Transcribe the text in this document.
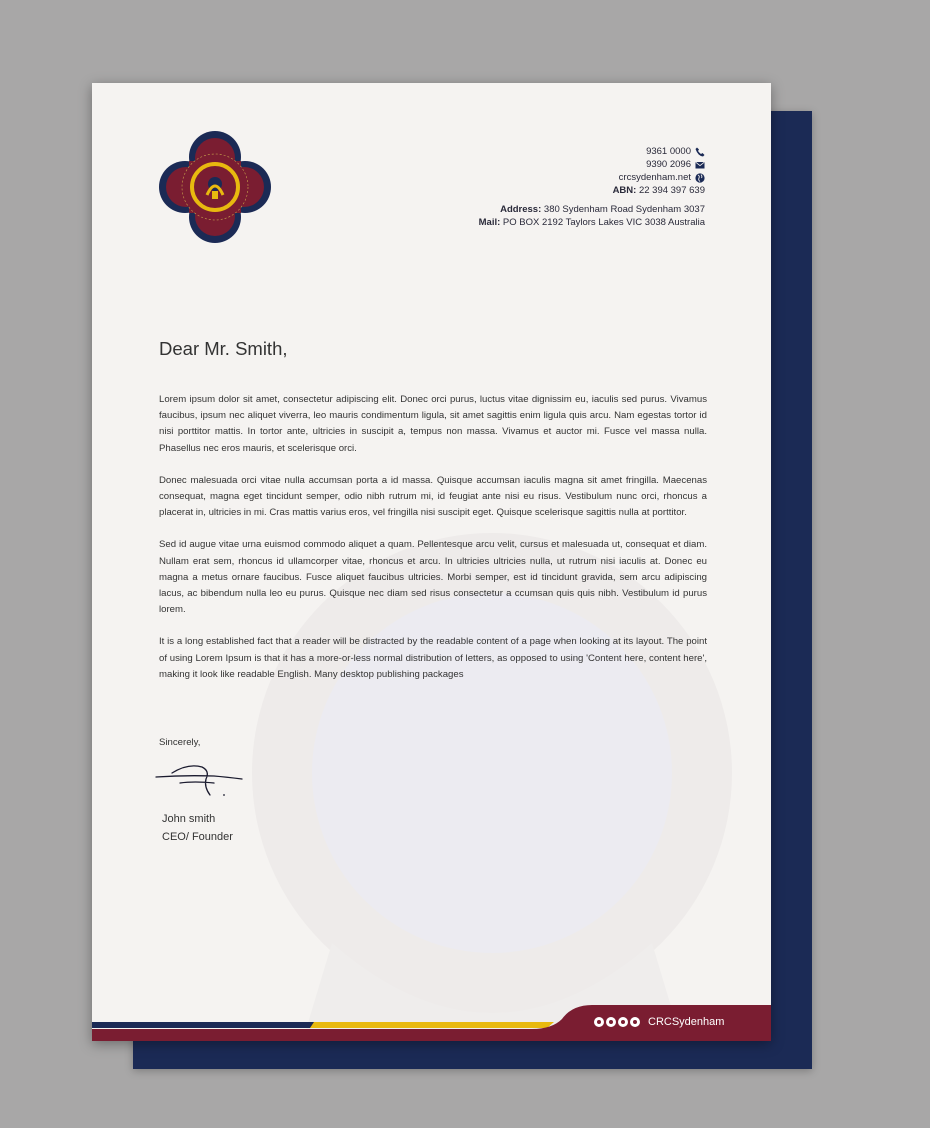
9361 0000
9390 2096
crcsydenham.net
ABN: 22 394 397 639
Address: 380 Sydenham Road Sydenham 3037
Mail: PO BOX 2192 Taylors Lakes VIC 3038 Australia
Dear Mr. Smith,

Lorem ipsum dolor sit amet, consectetur adipiscing elit. Donec orci purus, luctus vitae dignissim eu, iaculis sed purus. Vivamus faucibus, ipsum nec aliquet viverra, leo mauris condimentum ligula, sit amet sagittis enim ligula quis arcu. Nam egestas tortor id nisi porttitor mattis. In tortor ante, ultricies in suscipit a, tempus non massa. Vivamus et auctor mi. Fusce vel massa nulla. Phasellus nec eros mauris, et scelerisque orci.

Donec malesuada orci vitae nulla accumsan porta a id massa. Quisque accumsan iaculis magna sit amet fringilla. Maecenas consequat, magna eget tincidunt semper, odio nibh rutrum mi, id feugiat ante nisi eu risus. Vestibulum nunc orci, rhoncus a placerat in, ultricies in mi. Cras mattis varius eros, vel fringilla nisi suscipit eget. Quisque scelerisque sagittis nulla at porttitor.

Sed id augue vitae urna euismod commodo aliquet a quam. Pellentesque arcu velit, cursus et malesuada ut, consequat et diam. Nullam erat sem, rhoncus id ullamcorper vitae, rhoncus et arcu. In ultricies ultricies nulla, ut rutrum nisi iaculis at. Donec eu magna a metus ornare faucibus. Fusce aliquet faucibus ultricies. Morbi semper, est id tincidunt gravida, sem arcu adipiscing lacus, ac bibendum nulla leo eu purus. Quisque nec diam sed risus consectetur a ccumsan quis quis nibh. Vestibulum id purus lorem.

It is a long established fact that a reader will be distracted by the readable content of a page when looking at its layout. The point of using Lorem Ipsum is that it has a more-or-less normal distribution of letters, as opposed to using 'Content here, content here', making it look like readable English. Many desktop publishing packages

Sincerely,
John smith
CEO/ Founder
CRCSydenham
